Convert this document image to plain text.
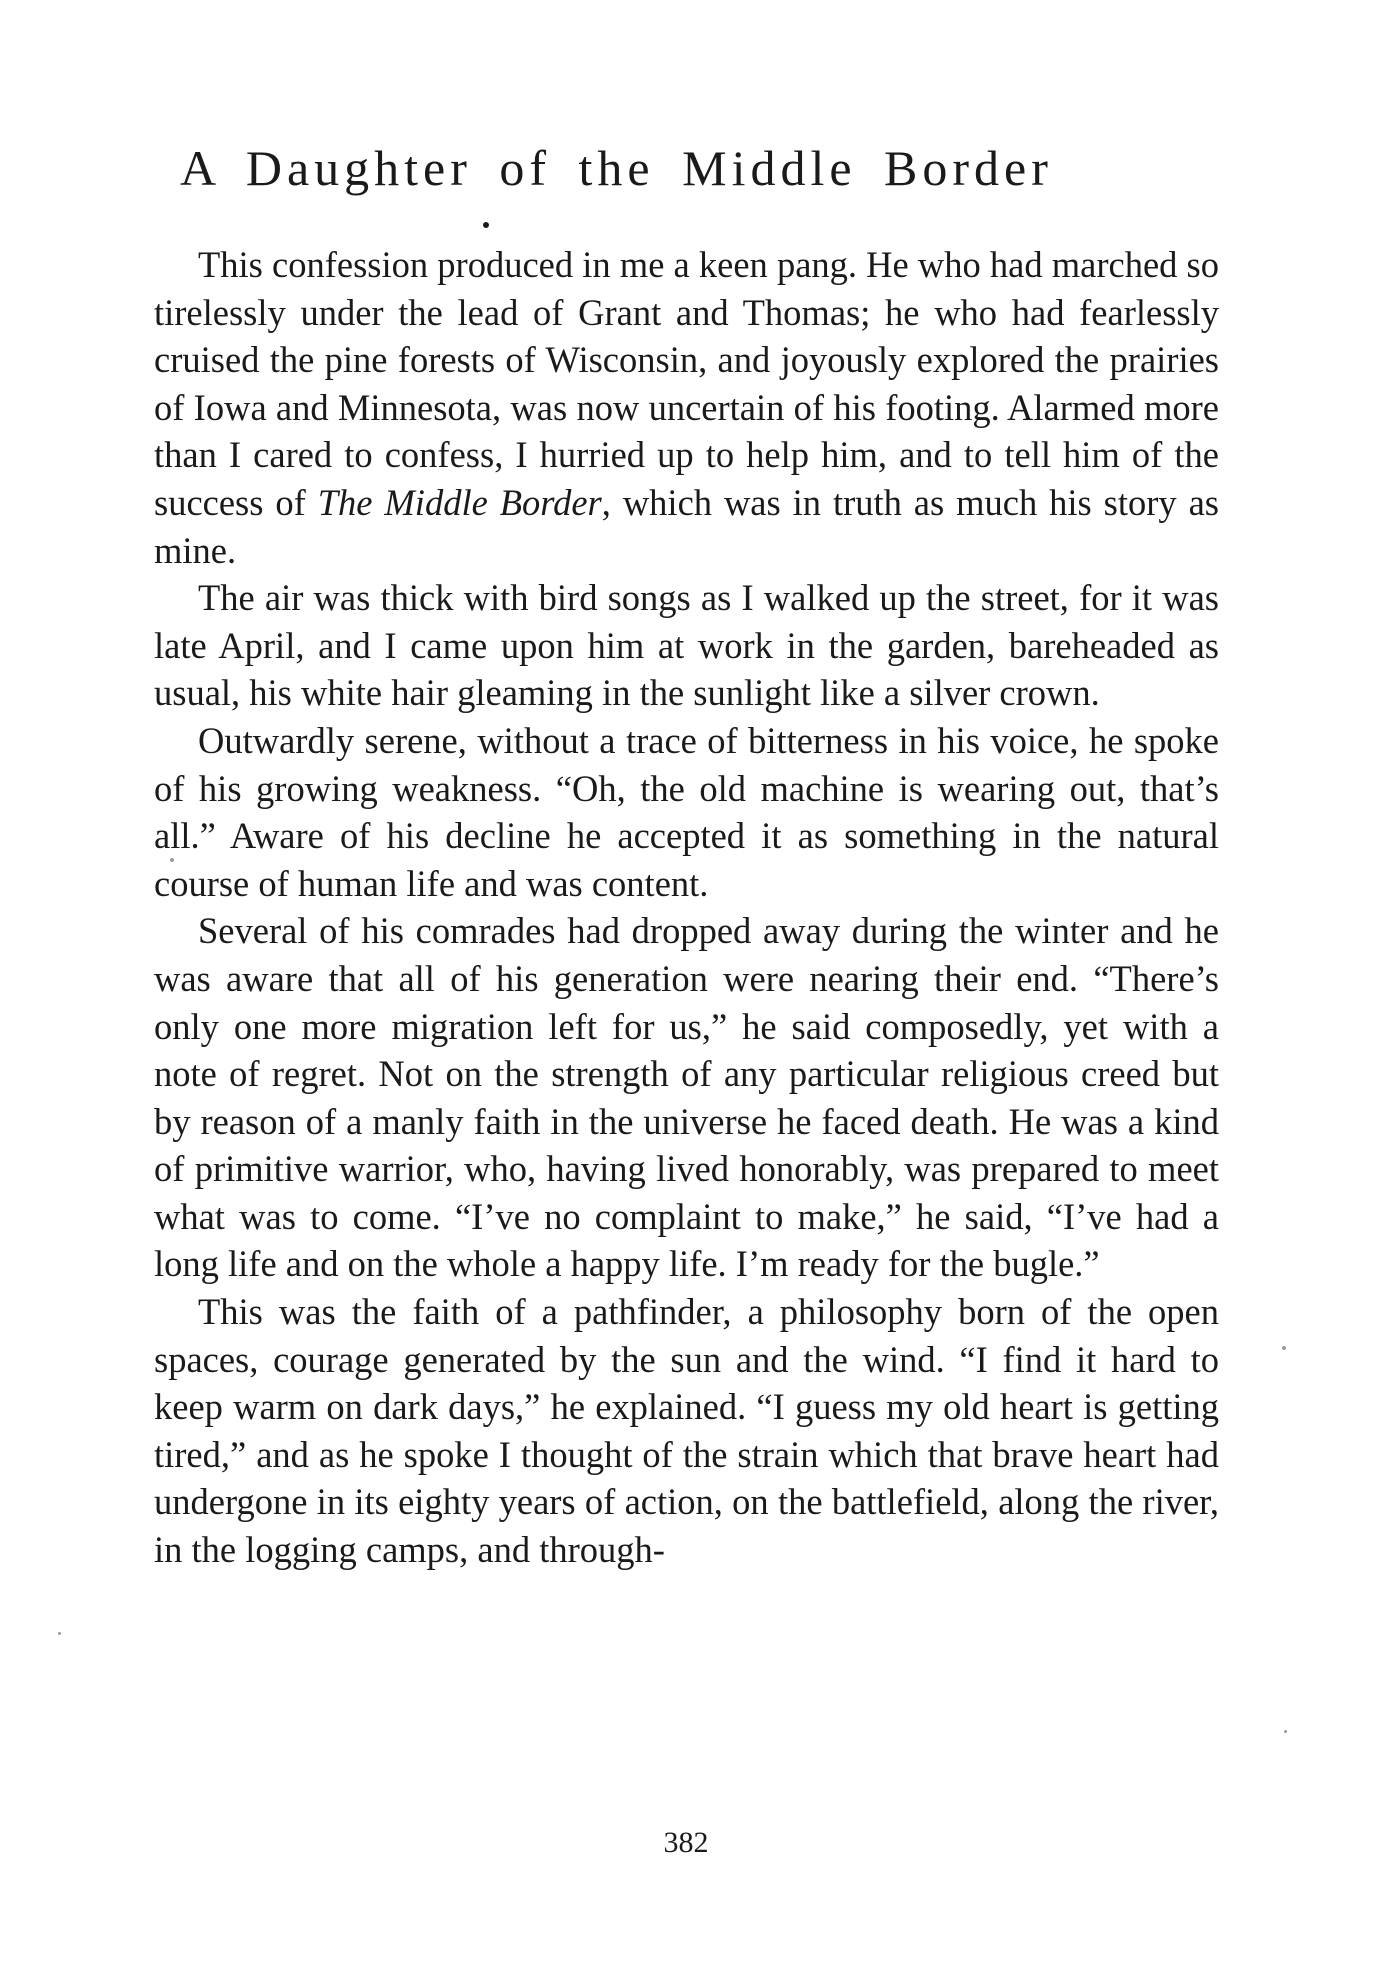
A Daughter of the Middle Border

This confession produced in me a keen pang. He who had marched so tirelessly under the lead of Grant and Thomas; he who had fearlessly cruised the pine forests of Wisconsin, and joyously explored the prairies of Iowa and Minnesota, was now uncertain of his footing. Alarmed more than I cared to confess, I hurried up to help him, and to tell him of the success of The Middle Border, which was in truth as much his story as mine.

The air was thick with bird songs as I walked up the street, for it was late April, and I came upon him at work in the garden, bareheaded as usual, his white hair gleaming in the sunlight like a silver crown.

Outwardly serene, without a trace of bitterness in his voice, he spoke of his growing weakness. “Oh, the old machine is wearing out, that’s all.” Aware of his decline he accepted it as something in the natural course of human life and was content.

Several of his comrades had dropped away during the winter and he was aware that all of his generation were nearing their end. “There’s only one more migration left for us,” he said composedly, yet with a note of regret. Not on the strength of any particular religious creed but by reason of a manly faith in the universe he faced death. He was a kind of primitive warrior, who, having lived honorably, was prepared to meet what was to come. “I’ve no complaint to make,” he said, “I’ve had a long life and on the whole a happy life. I’m ready for the bugle.”

This was the faith of a pathfinder, a philosophy born of the open spaces, courage generated by the sun and the wind. “I find it hard to keep warm on dark days,” he explained. “I guess my old heart is getting tired,” and as he spoke I thought of the strain which that brave heart had undergone in its eighty years of action, on the battlefield, along the river, in the logging camps, and through-

382
